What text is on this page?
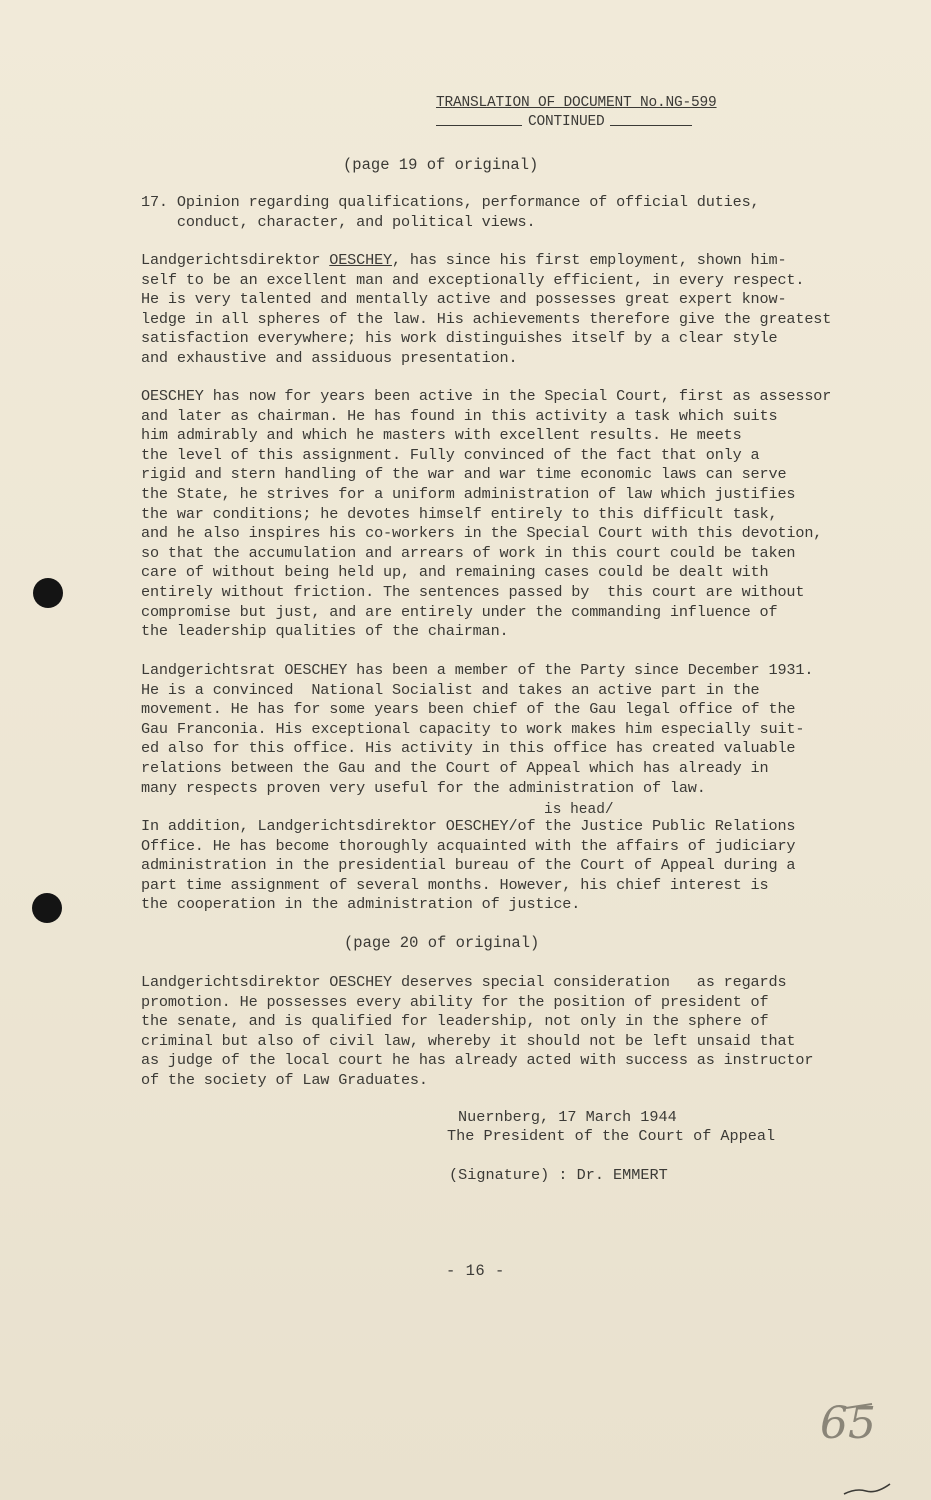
TRANSLATION OF DOCUMENT No.NG-599
CONTINUED
(page 19 of original)
17. Opinion regarding qualifications, performance of official duties,
conduct, character, and political views.
Landgerichtsdirektor OESCHEY, has since his first employment, shown him-
self to be an excellent man and exceptionally efficient, in every respect.
He is very talented and mentally active and possesses great expert know-
ledge in all spheres of the law. His achievements therefore give the greatest
satisfaction everywhere; his work distinguishes itself by a clear style
and exhaustive and assiduous presentation.
OESCHEY has now for years been active in the Special Court, first as assessor
and later as chairman. He has found in this activity a task which suits
him admirably and which he masters with excellent results. He meets
the level of this assignment. Fully convinced of the fact that only a
rigid and stern handling of the war and war time economic laws can serve
the State, he strives for a uniform administration of law which justifies
the war conditions; he devotes himself entirely to this difficult task,
and he also inspires his co-workers in the Special Court with this devotion,
so that the accumulation and arrears of work in this court could be taken
care of without being held up, and remaining cases could be dealt with
entirely without friction. The sentences passed by  this court are without
compromise but just, and are entirely under the commanding influence of
the leadership qualities of the chairman.
Landgerichtsrat OESCHEY has been a member of the Party since December 1931.
He is a convinced  National Socialist and takes an active part in the
movement. He has for some years been chief of the Gau legal office of the
Gau Franconia. His exceptional capacity to work makes him especially suit-
ed also for this office. His activity in this office has created valuable
relations between the Gau and the Court of Appeal which has already in
many respects proven very useful for the administration of law.
is head/
In addition, Landgerichtsdirektor OESCHEY/of the Justice Public Relations
Office. He has become thoroughly acquainted with the affairs of judiciary
administration in the presidential bureau of the Court of Appeal during a
part time assignment of several months. However, his chief interest is
the cooperation in the administration of justice.
(page 20 of original)
Landgerichtsdirektor OESCHEY deserves special consideration   as regards
promotion. He possesses every ability for the position of president of
the senate, and is qualified for leadership, not only in the sphere of
criminal but also of civil law, whereby it should not be left unsaid that
as judge of the local court he has already acted with success as instructor
of the society of Law Graduates.
Nuernberg, 17 March 1944
The President of the Court of Appeal
(Signature) : Dr. EMMERT
- 16 -
65
